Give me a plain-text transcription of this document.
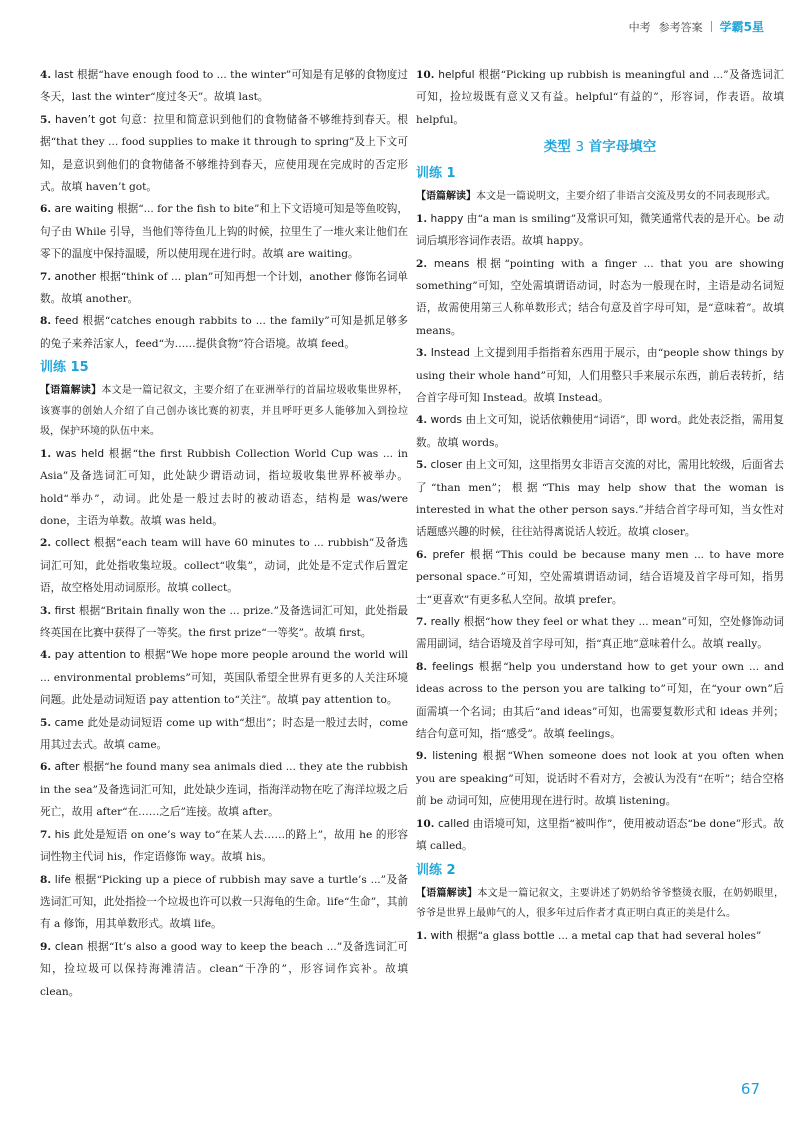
中考 参考答案 学霸5星

4. last 根据“have enough food to ... the winter”可知是有足够的食物度过冬天，last the winter“度过冬天”。故填 last。

5. haven’t got 句意：拉里和简意识到他们的食物储备不够维持到春天。根据“that they ... food supplies to make it through to spring”及上下文可知，是意识到他们的食物储备不够维持到春天，应使用现在完成时的否定形式。故填 haven’t got。

6. are waiting 根据“... for the fish to bite”和上下文语境可知是等鱼咬钩，句子由 While 引导，当他们等待鱼儿上钩的时候，拉里生了一堆火来让他们在零下的温度中保持温暖，所以使用现在进行时。故填 are waiting。

7. another 根据“think of ... plan”可知再想一个计划，another 修饰名词单数。故填 another。

8. feed 根据“catches enough rabbits to ... the family”可知是抓足够多的兔子来养活家人，feed“为……提供食物”符合语境。故填 feed。

训练 15

【语篇解读】本文是一篇记叙文，主要介绍了在亚洲举行的首届垃圾收集世界杯，该赛事的创始人介绍了自己创办该比赛的初衷，并且呼吁更多人能够加入到捡垃圾，保护环境的队伍中来。

1. was held 根据“the first Rubbish Collection World Cup was ... in Asia”及备选词汇可知，此处缺少谓语动词，指垃圾收集世界杯被举办。hold“举办”，动词。此处是一般过去时的被动语态，结构是 was/were done，主语为单数。故填 was held。

2. collect 根据“each team will have 60 minutes to ... rubbish”及备选词汇可知，此处指收集垃圾。collect“收集”，动词，此处是不定式作后置定语，故空格处用动词原形。故填 collect。

3. first 根据“Britain finally won the ... prize.”及备选词汇可知，此处指最终英国在比赛中获得了一等奖。the first prize“一等奖”。故填 first。

4. pay attention to 根据“We hope more people around the world will ... environmental problems”可知，英国队希望全世界有更多的人关注环境问题。此处是动词短语 pay attention to“关注”。故填 pay attention to。

5. came 此处是动词短语 come up with“想出”；时态是一般过去时，come 用其过去式。故填 came。

6. after 根据“he found many sea animals died ... they ate the rubbish in the sea”及备选词汇可知，此处缺少连词，指海洋动物在吃了海洋垃圾之后死亡，故用 after“在……之后”连接。故填 after。

7. his 此处是短语 on one’s way to“在某人去……的路上”，故用 he 的形容词性物主代词 his，作定语修饰 way。故填 his。

8. life 根据“Picking up a piece of rubbish may save a turtle’s ...”及备选词汇可知，此处指捡一个垃圾也许可以救一只海龟的生命。life“生命”，其前有 a 修饰，用其单数形式。故填 life。

9. clean 根据“It’s also a good way to keep the beach ...”及备选词汇可知，捡垃圾可以保持海滩清洁。clean“干净的”，形容词作宾补。故填 clean。

10. helpful 根据“Picking up rubbish is meaningful and ...”及备选词汇可知，捡垃圾既有意义又有益。helpful“有益的”，形容词，作表语。故填 helpful。

类型 3 首字母填空
训练 1

【语篇解读】本文是一篇说明文，主要介绍了非语言交流及男女的不同表现形式。

1. happy 由“a man is smiling”及常识可知，微笑通常代表的是开心。be 动词后填形容词作表语。故填 happy。

2. means 根据“pointing with a finger ... that you are showing something”可知，空处需填谓语动词，时态为一般现在时，主语是动名词短语，故需使用第三人称单数形式；结合句意及首字母可知，是“意味着”。故填 means。

3. Instead 上文提到用手指指着东西用于展示，由“people show things by using their whole hand”可知，人们用整只手来展示东西，前后表转折，结合首字母可知 Instead。故填 Instead。

4. words 由上文可知，说话依赖使用“词语”，即 word。此处表泛指，需用复数。故填 words。

5. closer 由上文可知，这里指男女非语言交流的对比，需用比较级，后面省去了“than men”；根据“This may help show that the woman is interested in what the other person says.”并结合首字母可知，当女性对话题感兴趣的时候，往往站得离说话人较近。故填 closer。

6. prefer 根据“This could be because many men ... to have more personal space.”可知，空处需填谓语动词，结合语境及首字母可知，指男士“更喜欢”有更多私人空间。故填 prefer。

7. really 根据“how they feel or what they ... mean”可知，空处修饰动词需用副词，结合语境及首字母可知，指“真正地”意味着什么。故填 really。

8. feelings 根据“help you understand how to get your own ... and ideas across to the person you are talking to”可知，在“your own”后面需填一个名词；由其后“and ideas”可知，也需要复数形式和 ideas 并列；结合句意可知，指“感受”。故填 feelings。

9. listening 根据“When someone does not look at you often when you are speaking”可知，说话时不看对方，会被认为没有“在听”；结合空格前 be 动词可知，应使用现在进行时。故填 listening。

10. called 由语境可知，这里指“被叫作”，使用被动语态“be done”形式。故填 called。

训练 2

【语篇解读】本文是一篇记叙文，主要讲述了奶奶给爷爷整烫衣服，在奶奶眼里，爷爷是世界上最帅气的人，很多年过后作者才真正明白真正的美是什么。

1. with 根据“a glass bottle ... a metal cap that had several holes”

67
